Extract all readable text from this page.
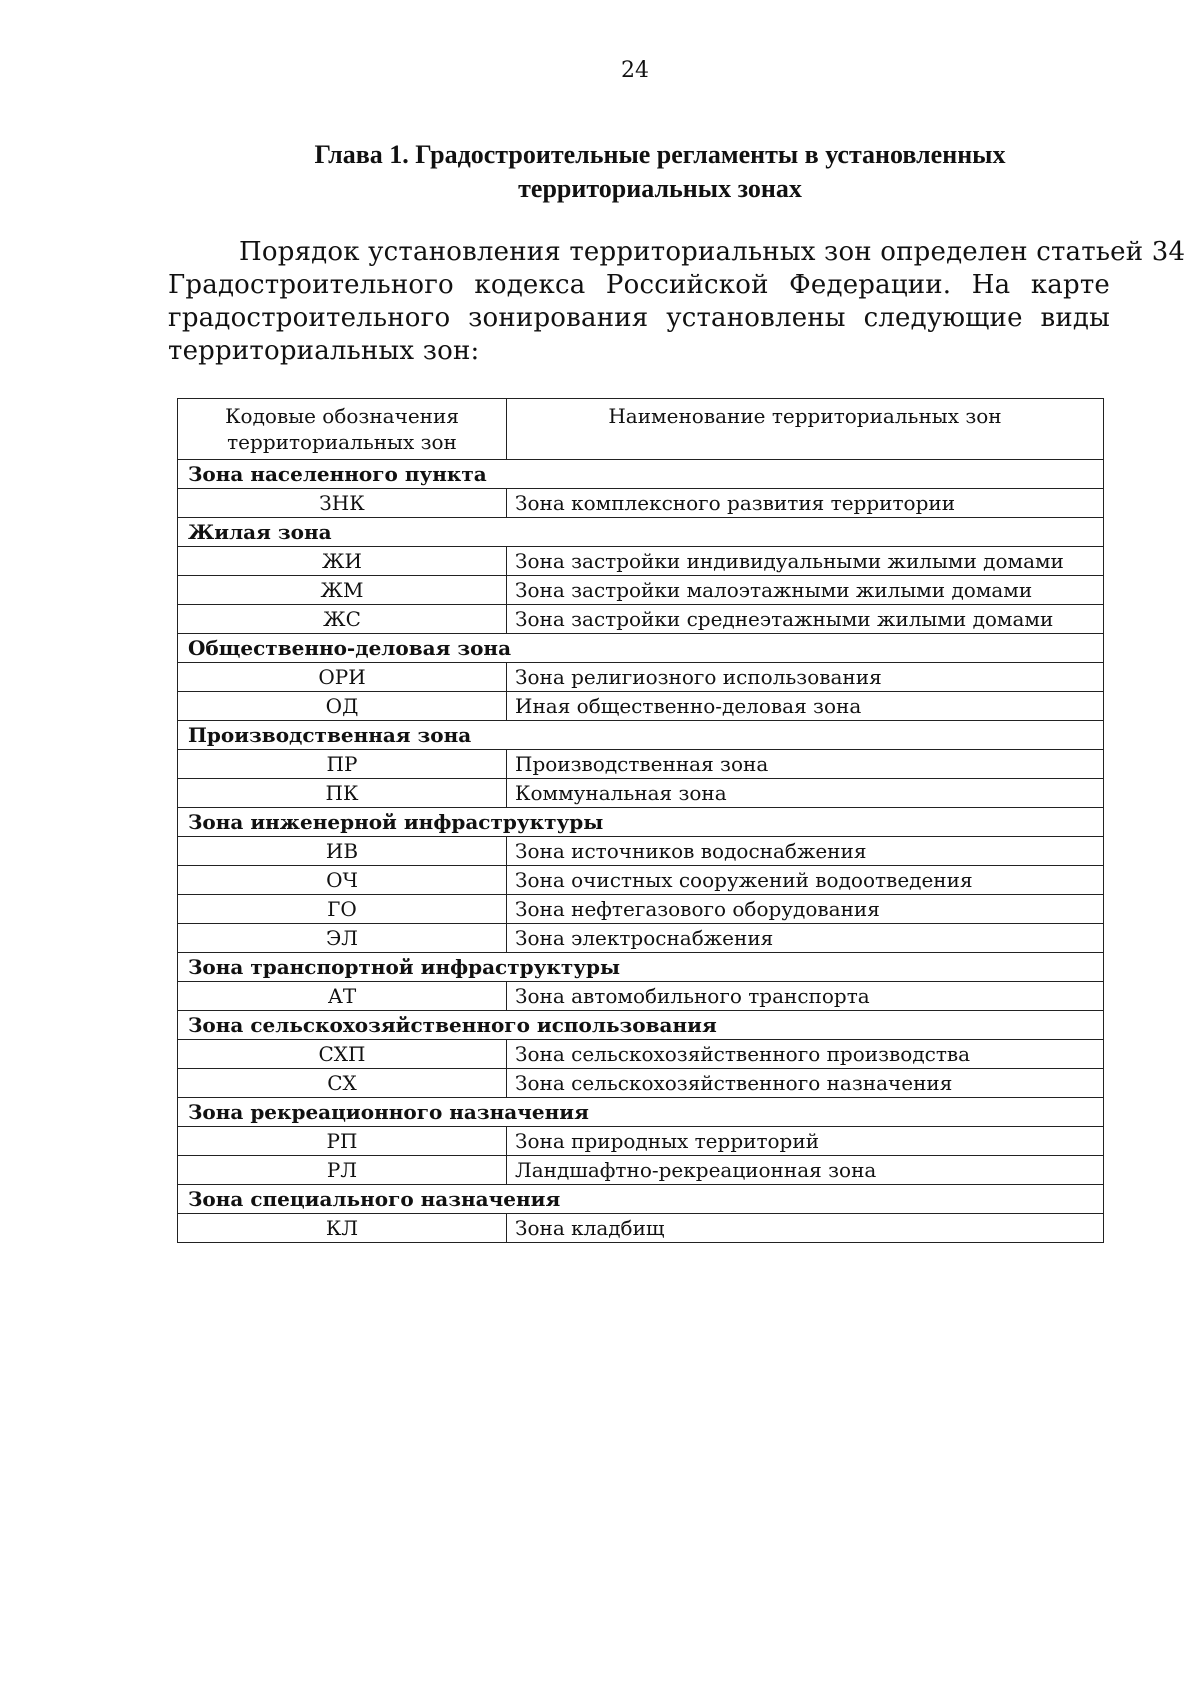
24
Глава 1. Градостроительные регламенты в установленных
территориальных зонах
Порядок установления территориальных зон определен статьей 34
Градостроительного кодекса Российской Федерации. На карте
градостроительного зонирования установлены следующие виды
территориальных зон:
Кодовые обозначения
территориальных зон	Наименование территориальных зон
Зона населенного пункта	
ЗНК	Зона комплексного развития территории
Жилая зона	
ЖИ	Зона застройки индивидуальными жилыми домами
ЖМ	Зона застройки малоэтажными жилыми домами
ЖС	Зона застройки среднеэтажными жилыми домами
Общественно-деловая зона	
ОРИ	Зона религиозного использования
ОД	Иная общественно-деловая зона
Производственная зона	
ПР	Производственная зона
ПК	Коммунальная зона
Зона инженерной инфраструктуры	
ИВ	Зона источников водоснабжения
ОЧ	Зона очистных сооружений водоотведения
ГО	Зона нефтегазового оборудования
ЭЛ	Зона электроснабжения
Зона транспортной инфраструктуры	
АТ	Зона автомобильного транспорта
Зона сельскохозяйственного использования	
СХП	Зона сельскохозяйственного производства
СХ	Зона сельскохозяйственного назначения
Зона рекреационного назначения	
РП	Зона природных территорий
РЛ	Ландшафтно-рекреационная зона
Зона специального назначения	
КЛ	Зона кладбищ
